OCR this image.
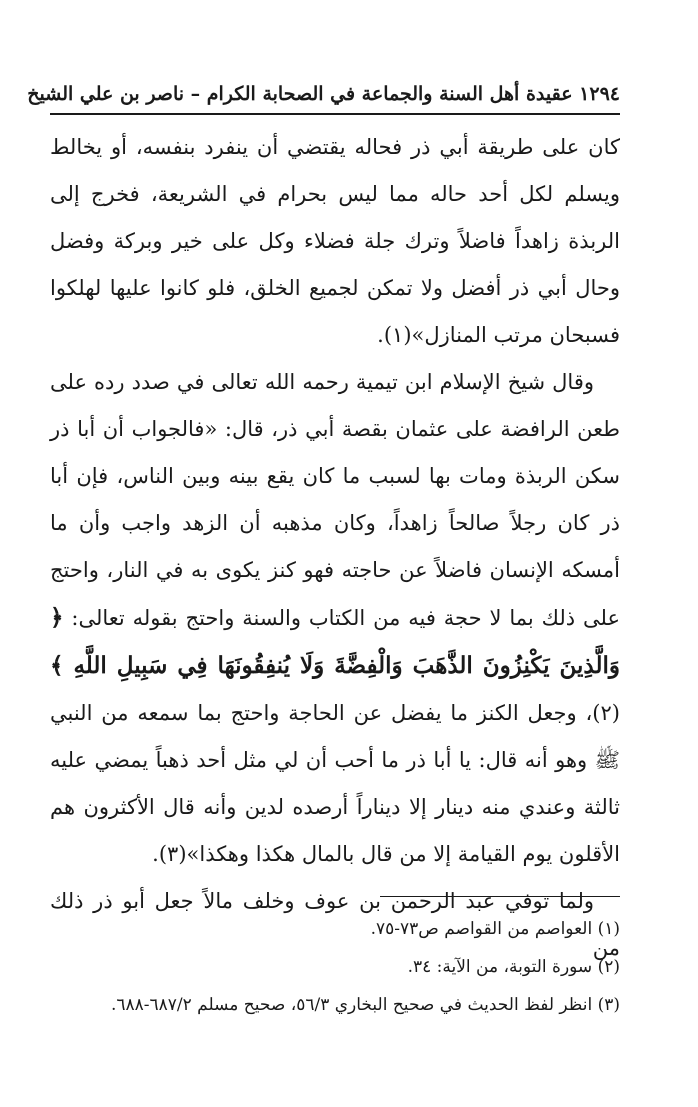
١٢٩٤ عقيدة أهل السنة والجماعة في الصحابة الكرام – ناصر بن علي الشيخ

كان على طريقة أبي ذر فحاله يقتضي أن ينفرد بنفسه، أو يخالط ويسلم لكل أحد حاله مما ليس بحرام في الشريعة، فخرج إلى الربذة زاهداً فاضلاً وترك جلة فضلاء وكل على خير وبركة وفضل وحال أبي ذر أفضل ولا تمكن لجميع الخلق، فلو كانوا عليها لهلكوا فسبحان مرتب المنازل»(١).

وقال شيخ الإسلام ابن تيمية رحمه الله تعالى في صدد رده على طعن الرافضة على عثمان بقصة أبي ذر، قال: «فالجواب أن أبا ذر سكن الربذة ومات بها لسبب ما كان يقع بينه وبين الناس، فإن أبا ذر كان رجلاً صالحاً زاهداً، وكان مذهبه أن الزهد واجب وأن ما أمسكه الإنسان فاضلاً عن حاجته فهو كنز يكوى به في النار، واحتج على ذلك بما لا حجة فيه من الكتاب والسنة واحتج بقوله تعالى: ﴿ وَالَّذِينَ يَكْنِزُونَ الذَّهَبَ وَالْفِضَّةَ وَلَا يُنفِقُونَهَا فِي سَبِيلِ اللَّهِ ﴾(٢)، وجعل الكنز ما يفضل عن الحاجة واحتج بما سمعه من النبي ﷺ وهو أنه قال: يا أبا ذر ما أحب أن لي مثل أحد ذهباً يمضي عليه ثالثة وعندي منه دينار إلا ديناراً أرصده لدين وأنه قال الأكثرون هم الأقلون يوم القيامة إلا من قال بالمال هكذا وهكذا»(٣).

ولما توفي عبد الرحمن بن عوف وخلف مالاً جعل أبو ذر ذلك من

(١) العواصم من القواصم ص٧٣-٧٥.

(٢) سورة التوبة، من الآية: ٣٤.

(٣) انظر لفظ الحديث في صحيح البخاري ٥٦/٣، صحيح مسلم ٦٨٧/٢-٦٨٨.
